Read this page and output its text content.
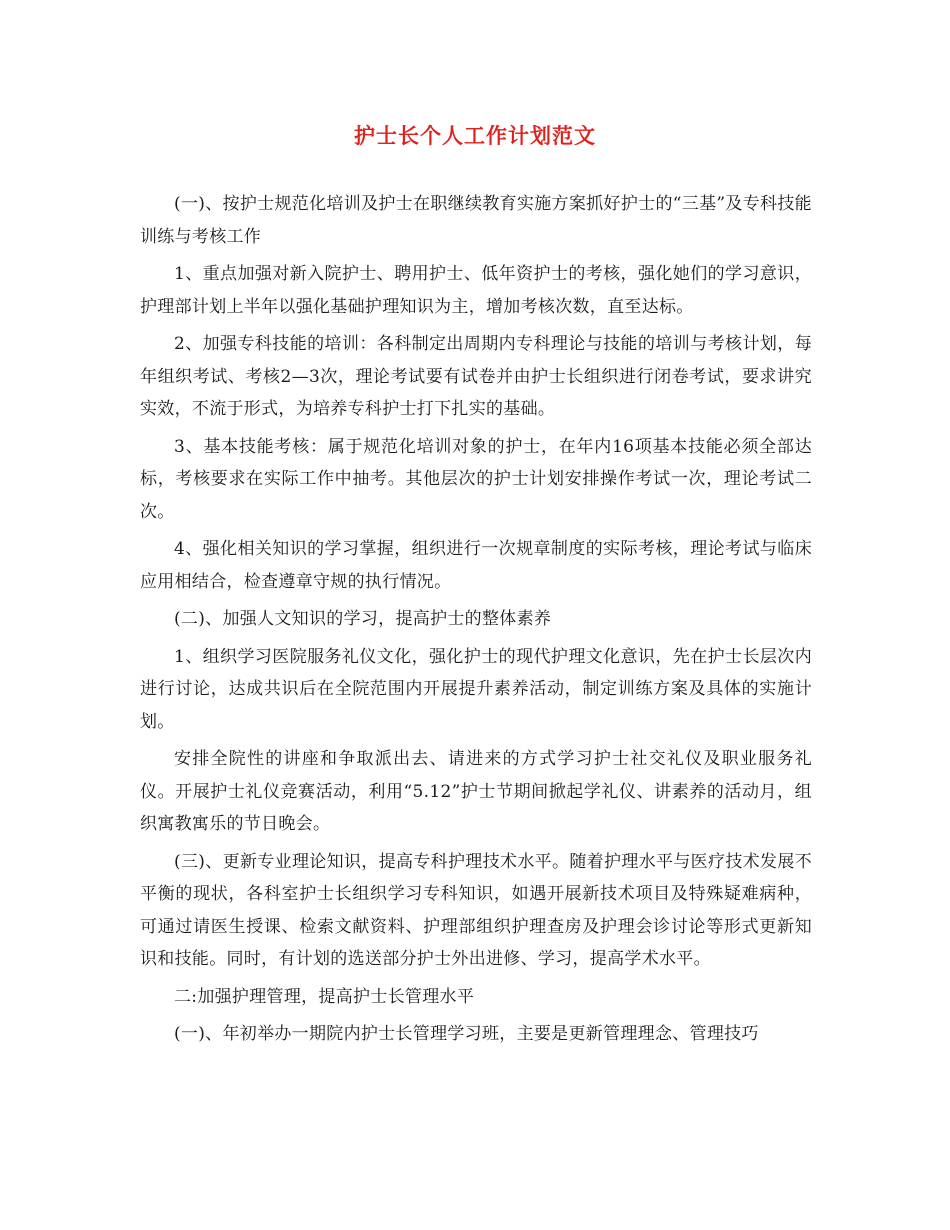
护士长个人工作计划范文

(一)、按护士规范化培训及护士在职继续教育实施方案抓好护士的“三基”及专科技能训练与考核工作

1、重点加强对新入院护士、聘用护士、低年资护士的考核，强化她们的学习意识，护理部计划上半年以强化基础护理知识为主，增加考核次数，直至达标。

2、加强专科技能的培训：各科制定出周期内专科理论与技能的培训与考核计划，每年组织考试、考核2—3次，理论考试要有试卷并由护士长组织进行闭卷考试，要求讲究实效，不流于形式，为培养专科护士打下扎实的基础。

3、基本技能考核：属于规范化培训对象的护士，在年内16项基本技能必须全部达标，考核要求在实际工作中抽考。其他层次的护士计划安排操作考试一次，理论考试二次。

4、强化相关知识的学习掌握，组织进行一次规章制度的实际考核，理论考试与临床应用相结合，检查遵章守规的执行情况。

(二)、加强人文知识的学习，提高护士的整体素养

1、组织学习医院服务礼仪文化，强化护士的现代护理文化意识，先在护士长层次内进行讨论，达成共识后在全院范围内开展提升素养活动，制定训练方案及具体的实施计划。

安排全院性的讲座和争取派出去、请进来的方式学习护士社交礼仪及职业服务礼仪。开展护士礼仪竞赛活动，利用“5.12”护士节期间掀起学礼仪、讲素养的活动月，组织寓教寓乐的节日晚会。

(三)、更新专业理论知识，提高专科护理技术水平。随着护理水平与医疗技术发展不平衡的现状，各科室护士长组织学习专科知识，如遇开展新技术项目及特殊疑难病种，可通过请医生授课、检索文献资料、护理部组织护理查房及护理会诊讨论等形式更新知识和技能。同时，有计划的选送部分护士外出进修、学习，提高学术水平。

二:加强护理管理，提高护士长管理水平

(一)、年初举办一期院内护士长管理学习班，主要是更新管理理念、管理技巧
